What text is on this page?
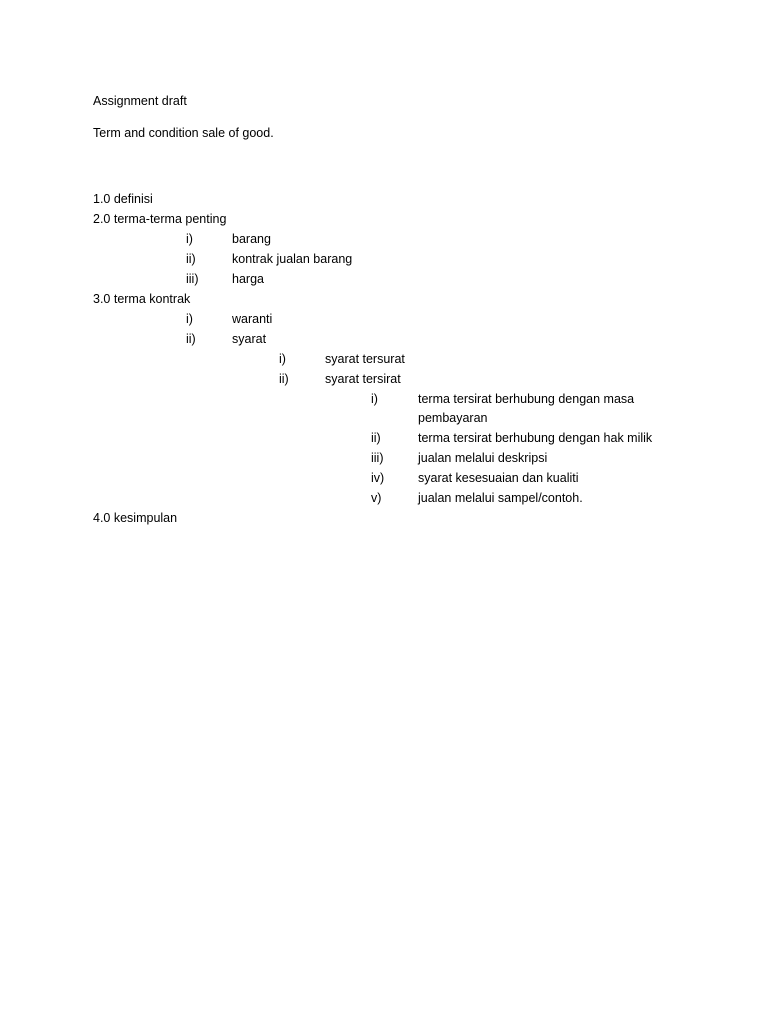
Assignment draft
Term and condition sale of good.
1.0 definisi
2.0 terma-terma penting
i)	barang
ii)	kontrak jualan barang
iii)	harga
3.0 terma kontrak
i)	waranti
ii)	syarat
i)	syarat tersurat
ii)	syarat tersirat
i)	terma tersirat berhubung dengan masa
pembayaran
ii)	terma tersirat berhubung dengan hak milik
iii)	jualan melalui deskripsi
iv)	syarat kesesuaian dan kualiti
v)	jualan melalui sampel/contoh.
4.0 kesimpulan
